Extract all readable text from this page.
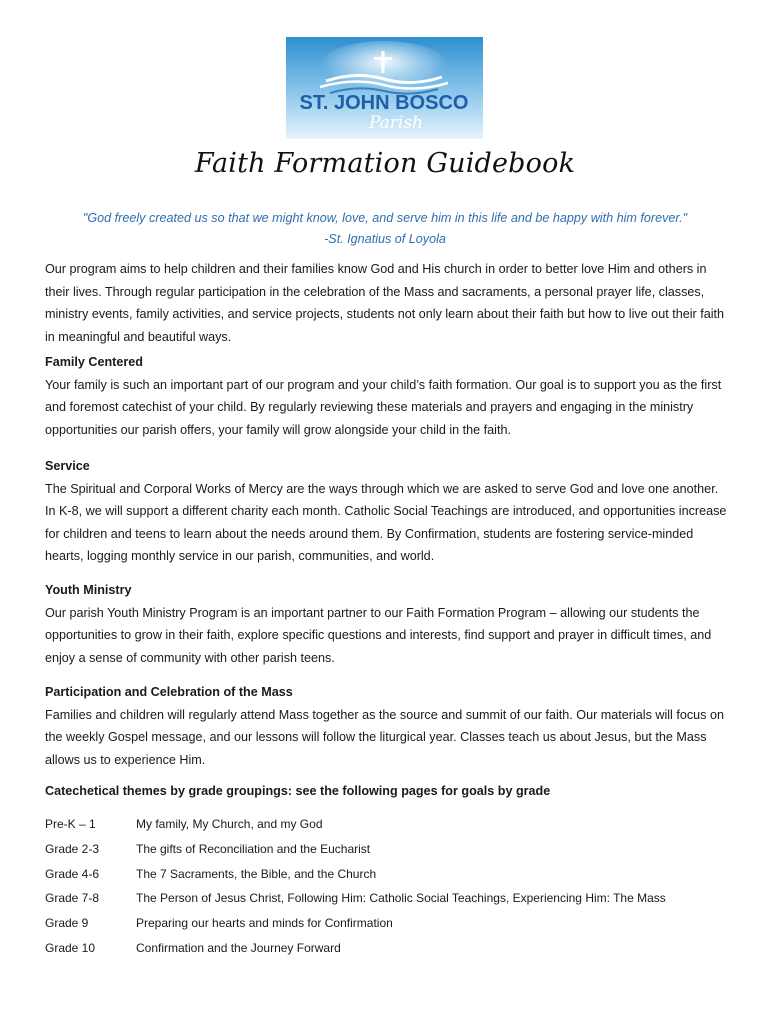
ST. JOHN BOSCO
Parish
Faith Formation Guidebook
"God freely created us so that we might know, love, and serve him in this life and be happy with him forever."
-St. Ignatius of Loyola
Our program aims to help children and their families know God and His church in order to better love Him and others in their lives. Through regular participation in the celebration of the Mass and sacraments, a personal prayer life, classes, ministry events, family activities, and service projects, students not only learn about their faith but how to live out their faith in meaningful and beautiful ways.
Family Centered
Your family is such an important part of our program and your child’s faith formation. Our goal is to support you as the first and foremost catechist of your child. By regularly reviewing these materials and prayers and engaging in the ministry opportunities our parish offers, your family will grow alongside your child in the faith.
Service
The Spiritual and Corporal Works of Mercy are the ways through which we are asked to serve God and love one another. In K-8, we will support a different charity each month. Catholic Social Teachings are introduced, and opportunities increase for children and teens to learn about the needs around them. By Confirmation, students are fostering service-minded hearts, logging monthly service in our parish, communities, and world.
Youth Ministry
Our parish Youth Ministry Program is an important partner to our Faith Formation Program – allowing our students the opportunities to grow in their faith, explore specific questions and interests, find support and prayer in difficult times, and enjoy a sense of community with other parish teens.
Participation and Celebration of the Mass
Families and children will regularly attend Mass together as the source and summit of our faith. Our materials will focus on the weekly Gospel message, and our lessons will follow the liturgical year. Classes teach us about Jesus, but the Mass allows us to experience Him.
Catechetical themes by grade groupings: see the following pages for goals by grade
Pre-K – 1	My family, My Church, and my God
Grade 2-3	The gifts of Reconciliation and the Eucharist
Grade 4-6	The 7 Sacraments, the Bible, and the Church
Grade 7-8	The Person of Jesus Christ, Following Him: Catholic Social Teachings, Experiencing Him: The Mass
Grade 9	Preparing our hearts and minds for Confirmation
Grade 10	Confirmation and the Journey Forward
